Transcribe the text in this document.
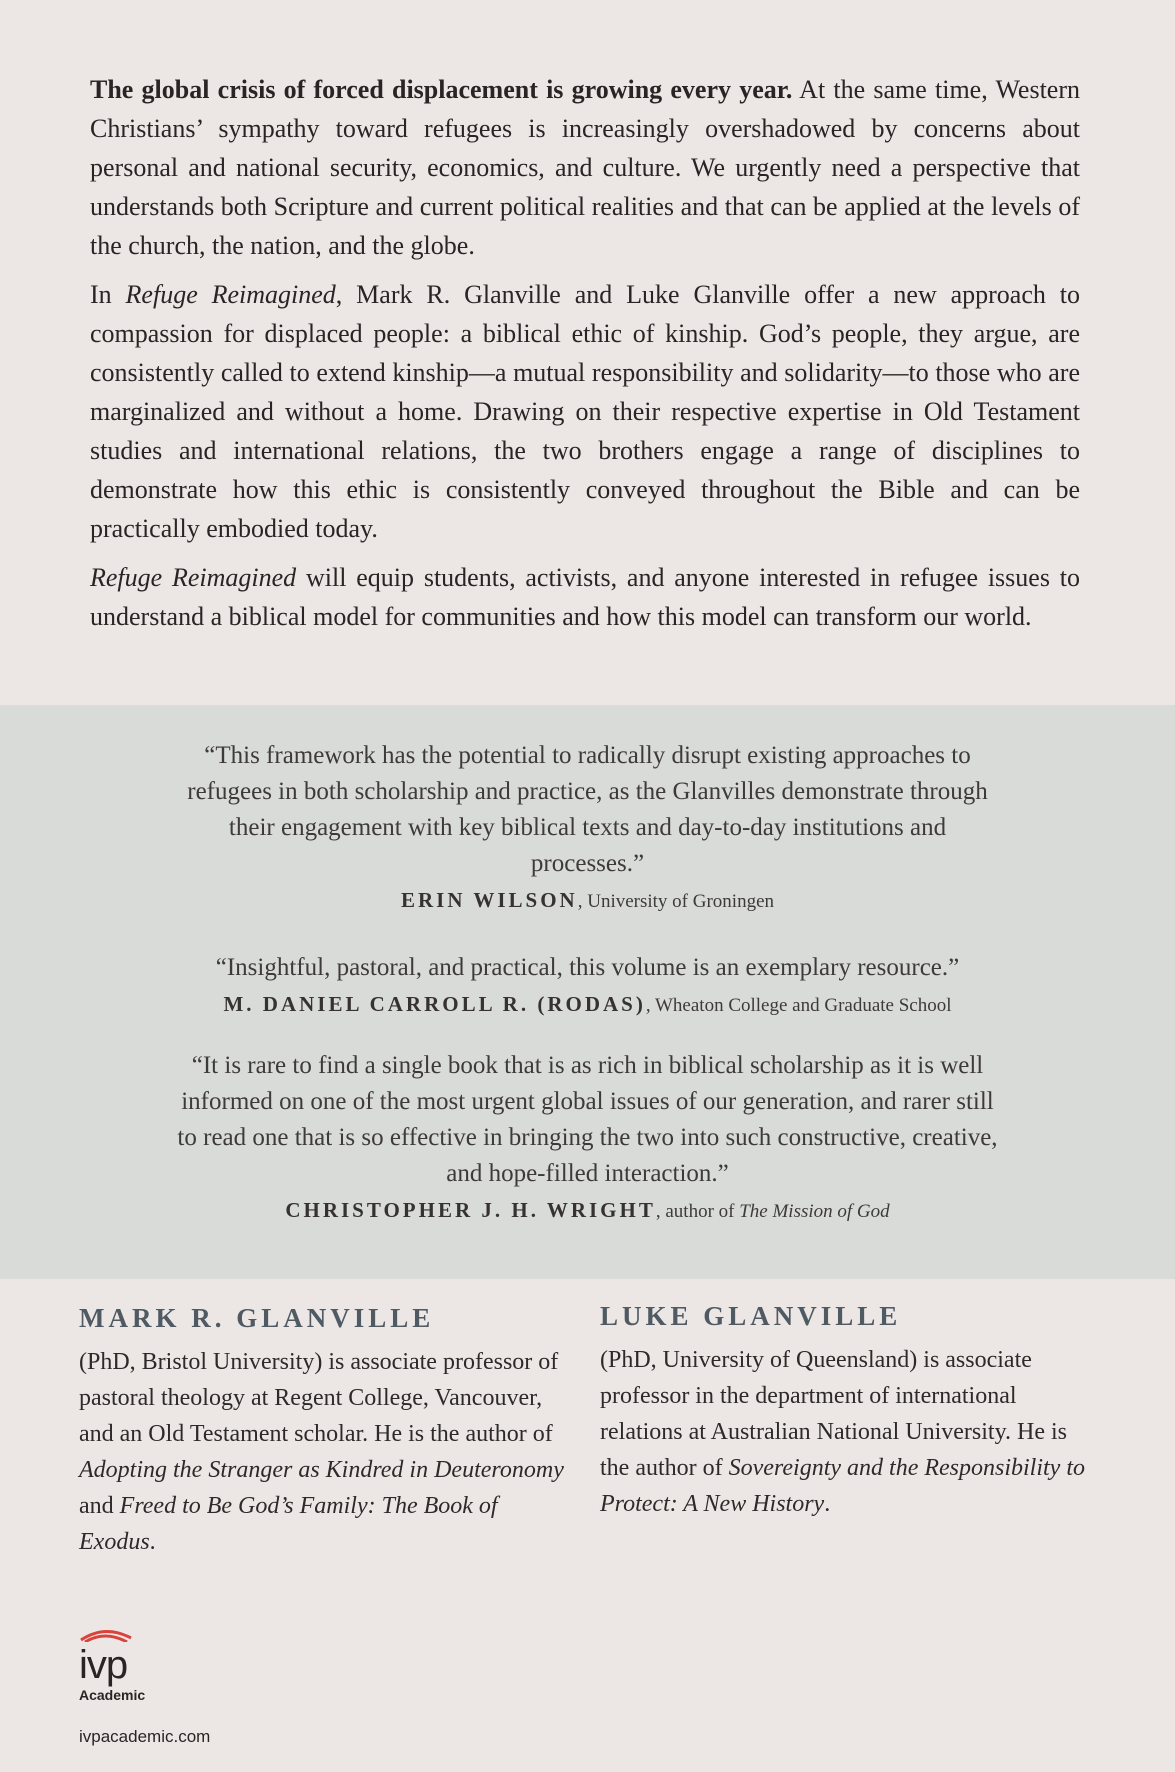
The global crisis of forced displacement is growing every year. At the same time, Western Christians’ sympathy toward refugees is increasingly overshadowed by concerns about personal and national security, economics, and culture. We urgently need a perspective that understands both Scripture and current political realities and that can be applied at the levels of the church, the nation, and the globe.

In Refuge Reimagined, Mark R. Glanville and Luke Glanville offer a new approach to compassion for displaced people: a biblical ethic of kinship. God’s people, they argue, are consistently called to extend kinship—a mutual responsibility and solidarity—to those who are marginalized and without a home. Drawing on their respective expertise in Old Testament studies and international relations, the two brothers engage a range of disciplines to demonstrate how this ethic is consistently conveyed throughout the Bible and can be practically embodied today.

Refuge Reimagined will equip students, activists, and anyone interested in refugee issues to understand a biblical model for communities and how this model can transform our world.

“This framework has the potential to radically disrupt existing approaches to refugees in both scholarship and practice, as the Glanvilles demonstrate through their engagement with key biblical texts and day-to-day institutions and processes.”
ERIN WILSON, University of Groningen
“Insightful, pastoral, and practical, this volume is an exemplary resource.”
M. DANIEL CARROLL R. (RODAS), Wheaton College and Graduate School
“It is rare to find a single book that is as rich in biblical scholarship as it is well informed on one of the most urgent global issues of our generation, and rarer still to read one that is so effective in bringing the two into such constructive, creative, and hope-filled interaction.”
CHRISTOPHER J. H. WRIGHT, author of The Mission of God
MARK R. GLANVILLE

(PhD, Bristol University) is associate professor of pastoral theology at Regent College, Vancouver, and an Old Testament scholar. He is the author of Adopting the Stranger as Kindred in Deuteronomy and Freed to Be God’s Family: The Book of Exodus.

LUKE GLANVILLE

(PhD, University of Queensland) is associate professor in the department of international relations at Australian National University. He is the author of Sovereignty and the Responsibility to Protect: A New History.

ivp
Academic
ivpacademic.com
